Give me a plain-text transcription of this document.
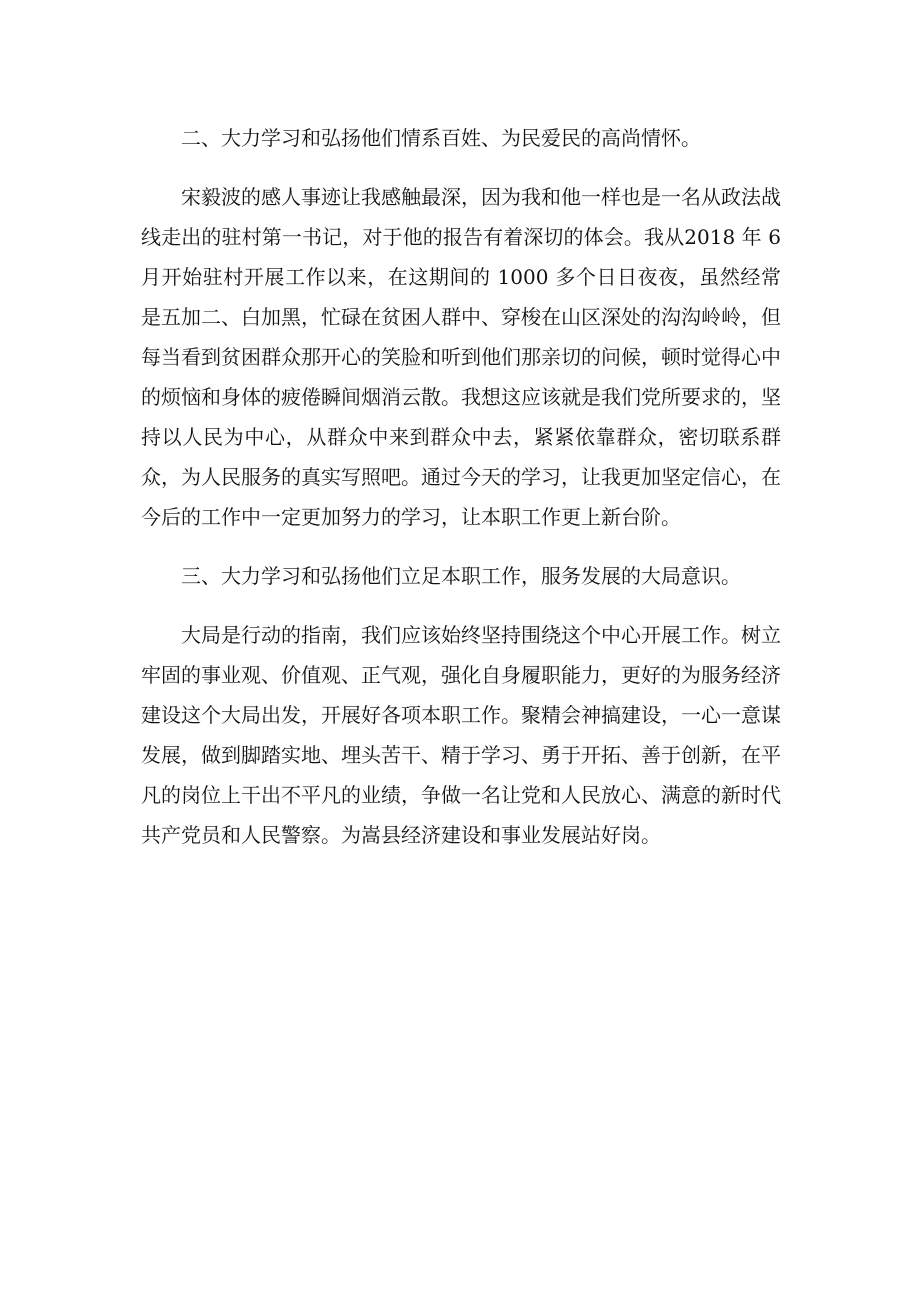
二、大力学习和弘扬他们情系百姓、为民爱民的高尚情怀。

宋毅波的感人事迹让我感触最深，因为我和他一样也是一名从政法战线走出的驻村第一书记，对于他的报告有着深切的体会。我从2018 年 6 月开始驻村开展工作以来，在这期间的 1000 多个日日夜夜，虽然经常是五加二、白加黑，忙碌在贫困人群中、穿梭在山区深处的沟沟岭岭，但每当看到贫困群众那开心的笑脸和听到他们那亲切的问候，顿时觉得心中的烦恼和身体的疲倦瞬间烟消云散。我想这应该就是我们党所要求的，坚持以人民为中心，从群众中来到群众中去，紧紧依靠群众，密切联系群众，为人民服务的真实写照吧。通过今天的学习，让我更加坚定信心，在今后的工作中一定更加努力的学习，让本职工作更上新台阶。

三、大力学习和弘扬他们立足本职工作，服务发展的大局意识。

大局是行动的指南，我们应该始终坚持围绕这个中心开展工作。树立牢固的事业观、价值观、正气观，强化自身履职能力，更好的为服务经济建设这个大局出发，开展好各项本职工作。聚精会神搞建设，一心一意谋发展，做到脚踏实地、埋头苦干、精于学习、勇于开拓、善于创新，在平凡的岗位上干出不平凡的业绩，争做一名让党和人民放心、满意的新时代共产党员和人民警察。为嵩县经济建设和事业发展站好岗。
